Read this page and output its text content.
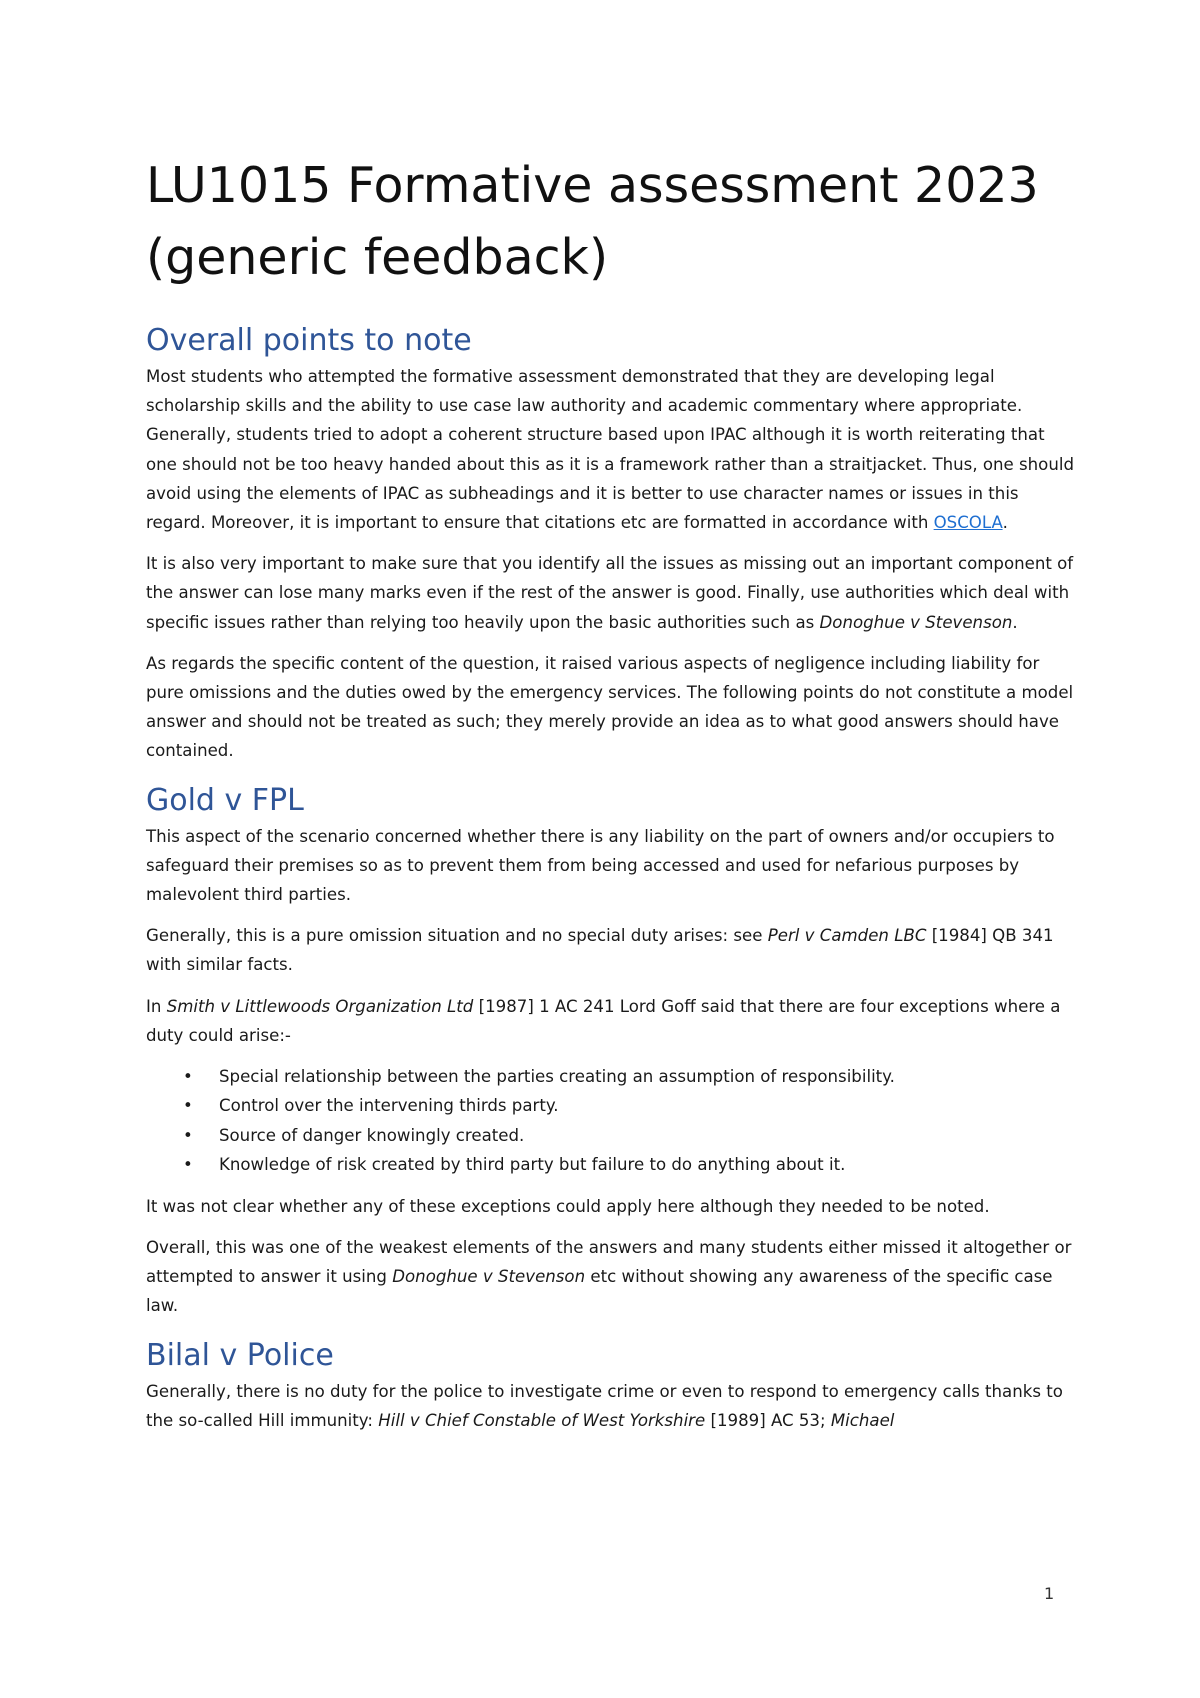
LU1015 Formative assessment 2023 (generic feedback)
Overall points to note

Most students who attempted the formative assessment demonstrated that they are developing legal scholarship skills and the ability to use case law authority and academic commentary where appropriate. Generally, students tried to adopt a coherent structure based upon IPAC although it is worth reiterating that one should not be too heavy handed about this as it is a framework rather than a straitjacket. Thus, one should avoid using the elements of IPAC as subheadings and it is better to use character names or issues in this regard. Moreover, it is important to ensure that citations etc are formatted in accordance with OSCOLA.

It is also very important to make sure that you identify all the issues as missing out an important component of the answer can lose many marks even if the rest of the answer is good. Finally, use authorities which deal with specific issues rather than relying too heavily upon the basic authorities such as Donoghue v Stevenson.

As regards the specific content of the question, it raised various aspects of negligence including liability for pure omissions and the duties owed by the emergency services. The following points do not constitute a model answer and should not be treated as such; they merely provide an idea as to what good answers should have contained.

Gold v FPL

This aspect of the scenario concerned whether there is any liability on the part of owners and/or occupiers to safeguard their premises so as to prevent them from being accessed and used for nefarious purposes by malevolent third parties.

Generally, this is a pure omission situation and no special duty arises: see Perl v Camden LBC [1984] QB 341 with similar facts.

In Smith v Littlewoods Organization Ltd [1987] 1 AC 241 Lord Goff said that there are four exceptions where a duty could arise:-

• Special relationship between the parties creating an assumption of responsibility.
• Control over the intervening thirds party.
• Source of danger knowingly created.
• Knowledge of risk created by third party but failure to do anything about it.

It was not clear whether any of these exceptions could apply here although they needed to be noted.

Overall, this was one of the weakest elements of the answers and many students either missed it altogether or attempted to answer it using Donoghue v Stevenson etc without showing any awareness of the specific case law.

Bilal v Police

Generally, there is no duty for the police to investigate crime or even to respond to emergency calls thanks to the so-called Hill immunity: Hill v Chief Constable of West Yorkshire [1989] AC 53; Michael

1
